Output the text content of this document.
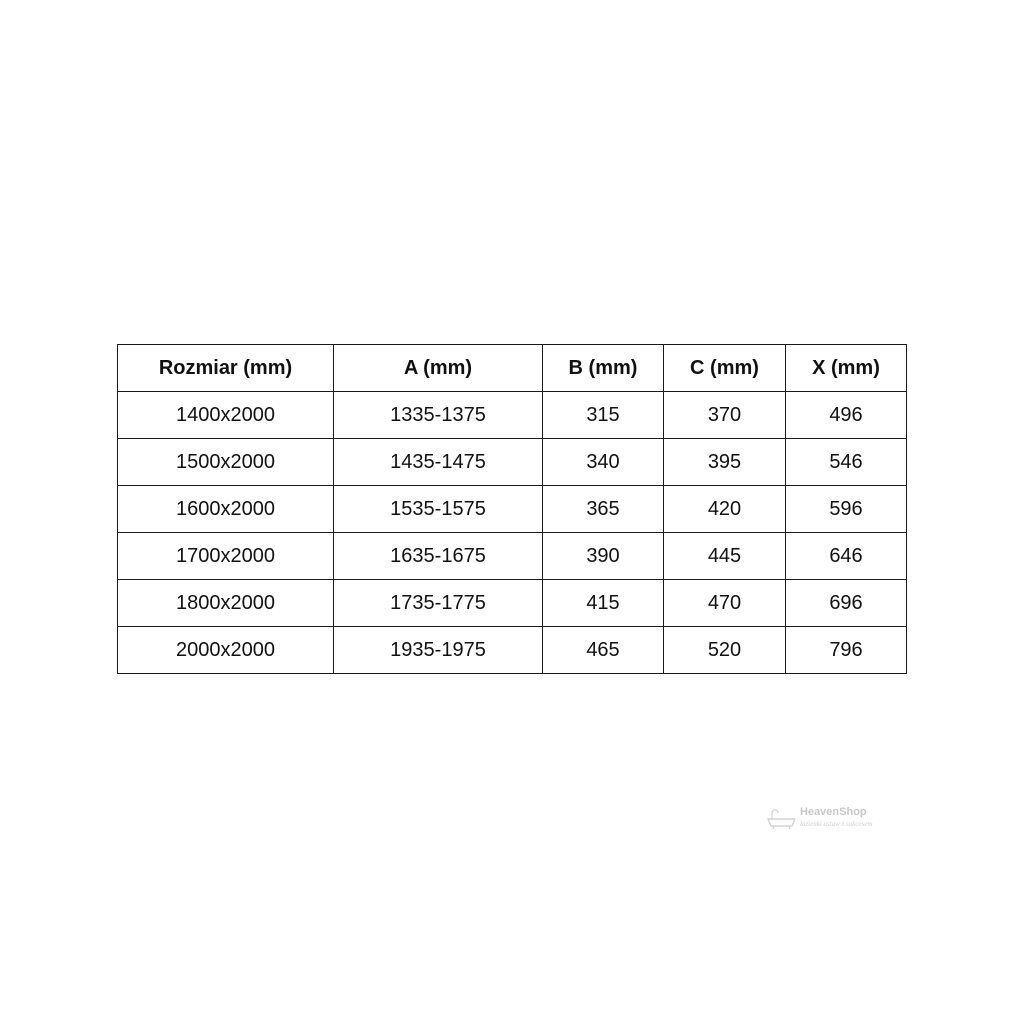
Rozmiar (mm)	A (mm)	B (mm)	C (mm)	X (mm)
1400x2000	1335-1375	315	370	496
1500x2000	1435-1475	340	395	546
1600x2000	1535-1575	365	420	596
1700x2000	1635-1675	390	445	646
1800x2000	1735-1775	415	470	696
2000x2000	1935-1975	465	520	796
HeavenShop
łazienki ustaw z sukcesem
